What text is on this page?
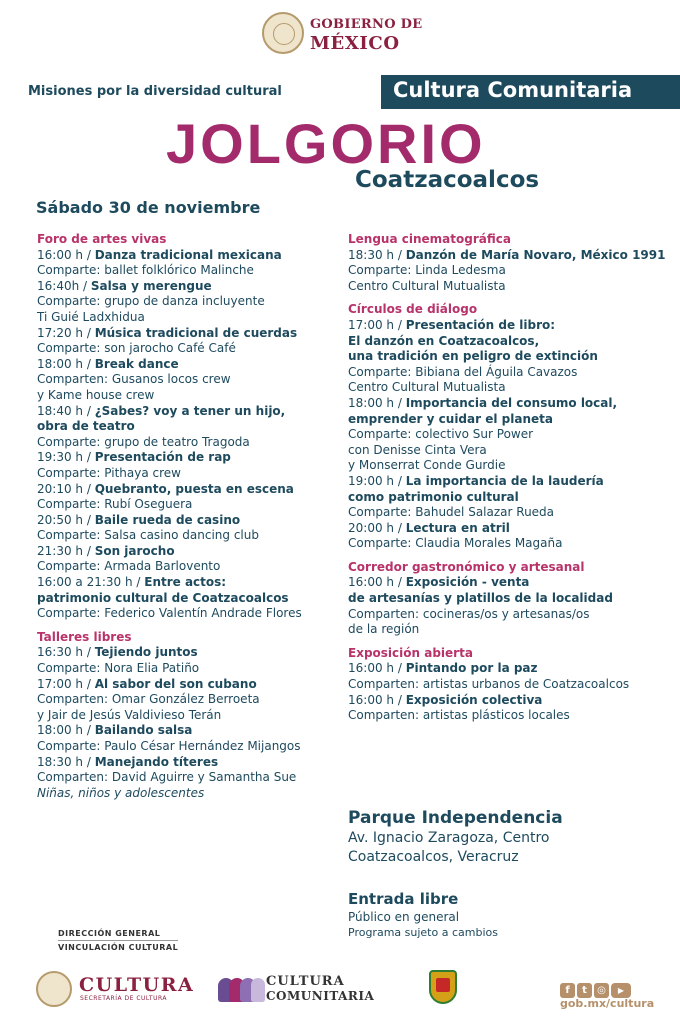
GOBIERNO DE
MÉXICO
Misiones por la diversidad cultural	Cultura Comunitaria
JOLGORIO
Coatzacoalcos
Sábado 30 de noviembre
Foro de artes vivas
16:00 h / Danza tradicional mexicana
Comparte: ballet folklórico Malinche
16:40h / Salsa y merengue
Comparte: grupo de danza incluyente
Ti Guié Ladxhidua
17:20 h / Música tradicional de cuerdas
Comparte: son jarocho Café Café
18:00 h / Break dance
Comparten: Gusanos locos crew
y Kame house crew
18:40 h / ¿Sabes? voy a tener un hijo,
obra de teatro
Comparte: grupo de teatro Tragoda
19:30 h / Presentación de rap
Comparte: Pithaya crew
20:10 h / Quebranto, puesta en escena
Comparte: Rubí Oseguera
20:50 h / Baile rueda de casino
Comparte: Salsa casino dancing club
21:30 h / Son jarocho
Comparte: Armada Barlovento
16:00 a 21:30 h / Entre actos:
patrimonio cultural de Coatzacoalcos
Comparte: Federico Valentín Andrade Flores
Talleres libres
16:30 h / Tejiendo juntos
Comparte: Nora Elia Patiño
17:00 h / Al sabor del son cubano
Comparten: Omar González Berroeta
y Jair de Jesús Valdivieso Terán
18:00 h / Bailando salsa
Comparte: Paulo César Hernández Mijangos
18:30 h / Manejando títeres
Comparten: David Aguirre y Samantha Sue
Niñas, niños y adolescentes
Lengua cinematográfica
18:30 h / Danzón de María Novaro, México 1991
Comparte: Linda Ledesma
Centro Cultural Mutualista
Círculos de diálogo
17:00 h / Presentación de libro:
El danzón en Coatzacoalcos,
una tradición en peligro de extinción
Comparte: Bibiana del Águila Cavazos
Centro Cultural Mutualista
18:00 h / Importancia del consumo local,
emprender y cuidar el planeta
Comparte: colectivo Sur Power
con Denisse Cinta Vera
y Monserrat Conde Gurdie
19:00 h / La importancia de la laudería
como patrimonio cultural
Comparte: Bahudel Salazar Rueda
20:00 h / Lectura en atril
Comparte: Claudia Morales Magaña
Corredor gastronómico y artesanal
16:00 h / Exposición - venta
de artesanías y platillos de la localidad
Comparten: cocineras/os y artesanas/os
de la región
Exposición abierta
16:00 h / Pintando por la paz
Comparten: artistas urbanos de Coatzacoalcos
16:00 h / Exposición colectiva
Comparten: artistas plásticos locales
Parque Independencia
Av. Ignacio Zaragoza, Centro
Coatzacoalcos, Veracruz
Entrada libre
Público en general
Programa sujeto a cambios
DIRECCIÓN GENERAL
VINCULACIÓN CULTURAL
CULTURA
SECRETARÍA DE CULTURA
CULTURA
COMUNITARIA	f t ◎ ▶
gob.mx/cultura
